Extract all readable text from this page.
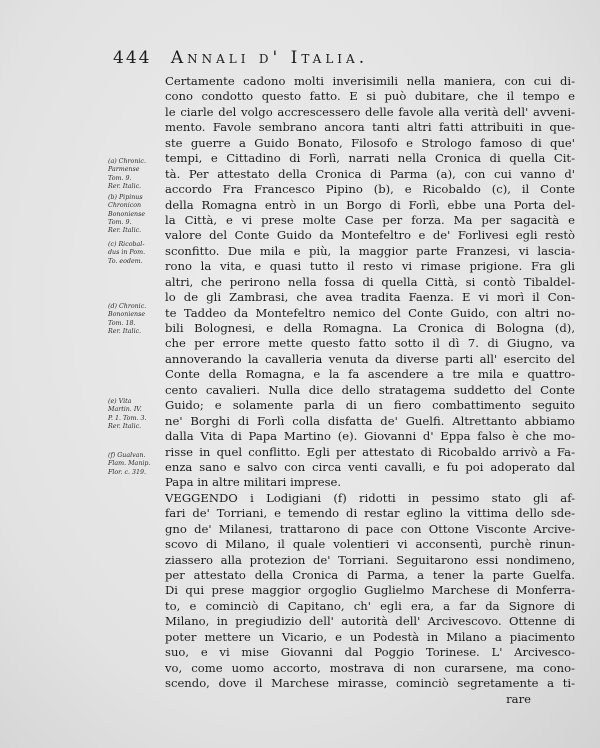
444 Annali d' Italia.
Certamente cadono molti inverisimili nella maniera, con cui di-
cono condotto questo fatto. E si può dubitare, che il tempo e
le ciarle del volgo accrescessero delle favole alla verità dell' avveni-
mento. Favole sembrano ancora tanti altri fatti attribuiti in que-
ste guerre a Guido Bonato, Filosofo e Strologo famoso di que'
tempi, e Cittadino di Forlì, narrati nella Cronica di quella Cit-
tà. Per attestato della Cronica di Parma (a), con cui vanno d'
accordo Fra Francesco Pipino (b), e Ricobaldo (c), il Conte
della Romagna entrò in un Borgo di Forlì, ebbe una Porta del-
la Città, e vi prese molte Case per forza. Ma per sagacità e
valore del Conte Guido da Montefeltro e de' Forlivesi egli restò
sconfitto. Due mila e più, la maggior parte Franzesi, vi lascia-
rono la vita, e quasi tutto il resto vi rimase prigione. Fra gli
altri, che perirono nella fossa di quella Città, si contò Tibaldel-
lo de gli Zambrasi, che avea tradita Faenza. E vi morì il Con-
te Taddeo da Montefeltro nemico del Conte Guido, con altri no-
bili Bolognesi, e della Romagna. La Cronica di Bologna (d),
che per errore mette questo fatto sotto il dì 7. di Giugno, va
annoverando la cavalleria venuta da diverse parti all' esercito del
Conte della Romagna, e la fa ascendere a tre mila e quattro-
cento cavalieri. Nulla dice dello stratagema suddetto del Conte
Guido; e solamente parla di un fiero combattimento seguito
ne' Borghi di Forlì colla disfatta de' Guelfi. Altrettanto abbiamo
dalla Vita di Papa Martino (e). Giovanni d' Eppa falso è che mo-
risse in quel conflitto. Egli per attestato di Ricobaldo arrivò a Fa-
enza sano e salvo con circa venti cavalli, e fu poi adoperato dal
Papa in altre militari imprese.
VEGGENDO i Lodigiani (f) ridotti in pessimo stato gli af-
fari de' Torriani, e temendo di restar eglino la vittima dello sde-
gno de' Milanesi, trattarono di pace con Ottone Visconte Arcive-
scovo di Milano, il quale volentieri vi acconsentì, purchè rinun-
ziassero alla protezion de' Torriani. Seguitarono essi nondimeno,
per attestato della Cronica di Parma, a tener la parte Guelfa.
Di qui prese maggior orgoglio Guglielmo Marchese di Monferra-
to, e cominciò di Capitano, ch' egli era, a far da Signore di
Milano, in pregiudizio dell' autorità dell' Arcivescovo. Ottenne di
poter mettere un Vicario, e un Podestà in Milano a piacimento
suo, e vi mise Giovanni dal Poggio Torinese. L' Arcivesco-
vo, come uomo accorto, mostrava di non curarsene, ma cono-
scendo, dove il Marchese mirasse, cominciò segretamente a ti-
rare
(a) Chronic.
Parmense
Tom. 9.
Rer. Italic.
(b) Pipinus
Chronicon
Bononiense
Tom. 9.
Rer. Italic.
(c) Ricobal-
dus in Pom.
To. eodem.
(d) Chronic.
Bononiense
Tom. 18.
Rer. Italic.
(e) Vita
Martin. IV.
P. 1. Tom. 3.
Rer. Italic.
(f) Gualvan.
Flam. Manip.
Flor. c. 319.
